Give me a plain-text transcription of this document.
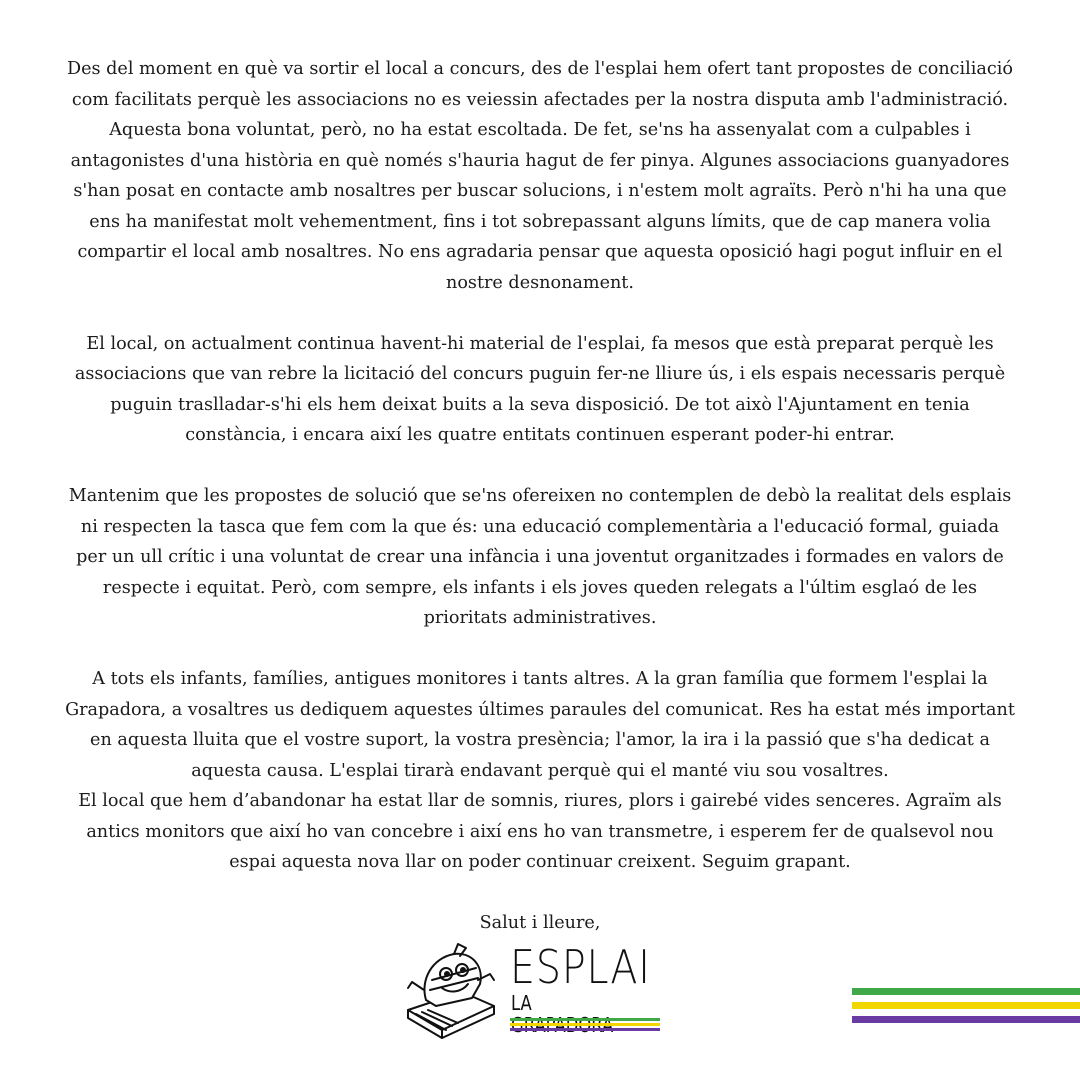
Des del moment en què va sortir el local a concurs, des de l'esplai hem ofert tant propostes de conciliació com facilitats perquè les associacions no es veiessin afectades per la nostra disputa amb l'administració. Aquesta bona voluntat, però, no ha estat escoltada. De fet, se'ns ha assenyalat com a culpables i antagonistes d'una història en què només s'hauria hagut de fer pinya. Algunes associacions guanyadores s'han posat en contacte amb nosaltres per buscar solucions, i n'estem molt agraïts. Però n'hi ha una que ens ha manifestat molt vehementment, fins i tot sobrepassant alguns límits, que de cap manera volia compartir el local amb nosaltres. No ens agradaria pensar que aquesta oposició hagi pogut influir en el nostre desnonament.

El local, on actualment continua havent-hi material de l'esplai, fa mesos que està preparat perquè les associacions que van rebre la licitació del concurs puguin fer-ne lliure ús, i els espais necessaris perquè puguin traslladar-s'hi els hem deixat buits a la seva disposició. De tot això l'Ajuntament en tenia constància, i encara així les quatre entitats continuen esperant poder-hi entrar.

Mantenim que les propostes de solució que se'ns ofereixen no contemplen de debò la realitat dels esplais ni respecten la tasca que fem com la que és: una educació complementària a l'educació formal, guiada per un ull crític i una voluntat de crear una infància i una joventut organitzades i formades en valors de respecte i equitat. Però, com sempre, els infants i els joves queden relegats a l'últim esglaó de les prioritats administratives.

A tots els infants, famílies, antigues monitores i tants altres. A la gran família que formem l'esplai la Grapadora, a vosaltres us dediquem aquestes últimes paraules del comunicat. Res ha estat més important en aquesta lluita que el vostre suport, la vostra presència; l'amor, la ira i la passió que s'ha dedicat a aquesta causa. L'esplai tirarà endavant perquè qui el manté viu sou vosaltres.

El local que hem d’abandonar ha estat llar de somnis, riures, plors i gairebé vides senceres. Agraïm als antics monitors que així ho van concebre i així ens ho van transmetre, i esperem fer de qualsevol nou espai aquesta nova llar on poder continuar creixent. Seguim grapant.

Salut i lleure,

ESPLAI
LA
